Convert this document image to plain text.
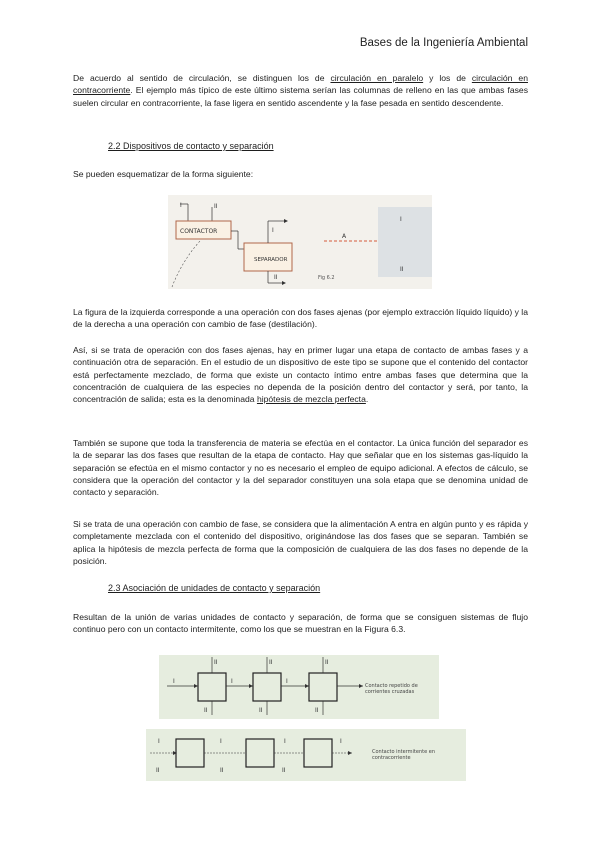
Bases de la Ingeniería Ambiental
De acuerdo al sentido de circulación, se distinguen los de circulación en paralelo y los de circulación en contracorriente. El ejemplo más típico de este último sistema serían las columnas de relleno en las que ambas fases suelen circular en contracorriente, la fase ligera en sentido ascendente y la fase pesada en sentido descendente.
2.2 Dispositivos de contacto y separación
Se pueden esquematizar de la forma siguiente:
I	II
CONTACTOR
SEPARADOR
I
II
A
I
II
Fig 6.2
La figura de la izquierda corresponde a una operación con dos fases ajenas (por ejemplo extracción líquido líquido) y la de la derecha a una operación con cambio de fase (destilación).
Así, si se trata de operación con dos fases ajenas, hay en primer lugar una etapa de contacto de ambas fases y a continuación otra de separación. En el estudio de un dispositivo de este tipo se supone que el contenido del contactor está perfectamente mezclado, de forma que existe un contacto íntimo entre ambas fases que determina que la concentración de cualquiera de las especies no dependa de la posición dentro del contactor y será, por tanto, la concentración de salida; esta es la denominada hipótesis de mezcla perfecta.
También se supone que toda la transferencia de materia se efectúa en el contactor. La única función del separador es la de separar las dos fases que resultan de la etapa de contacto. Hay que señalar que en los sistemas gas-líquido la separación se efectúa en el mismo contactor y no es necesario el empleo de equipo adicional. A efectos de cálculo, se considera que la operación del contactor y la del separador constituyen una sola etapa que se denomina unidad de contacto y separación.
Si se trata de una operación con cambio de fase, se considera que la alimentación A entra en algún punto y es rápida y completamente mezclada con el contenido del dispositivo, originándose las dos fases que se separan. También se aplica la hipótesis de mezcla perfecta de forma que la composición de cualquiera de las dos fases no depende de la posición.
2.3 Asociación de unidades de contacto y separación
Resultan de la unión de varias unidades de contacto y separación, de forma que se consiguen sistemas de flujo continuo pero con un contacto intermitente, como los que se muestran en la Figura 6.3.
I
II
II
I
II
II
I
II
II
Contacto repetido de corrientes cruzadas
I
II
I
II
I
II
I
Contacto intermitente en contracorriente
